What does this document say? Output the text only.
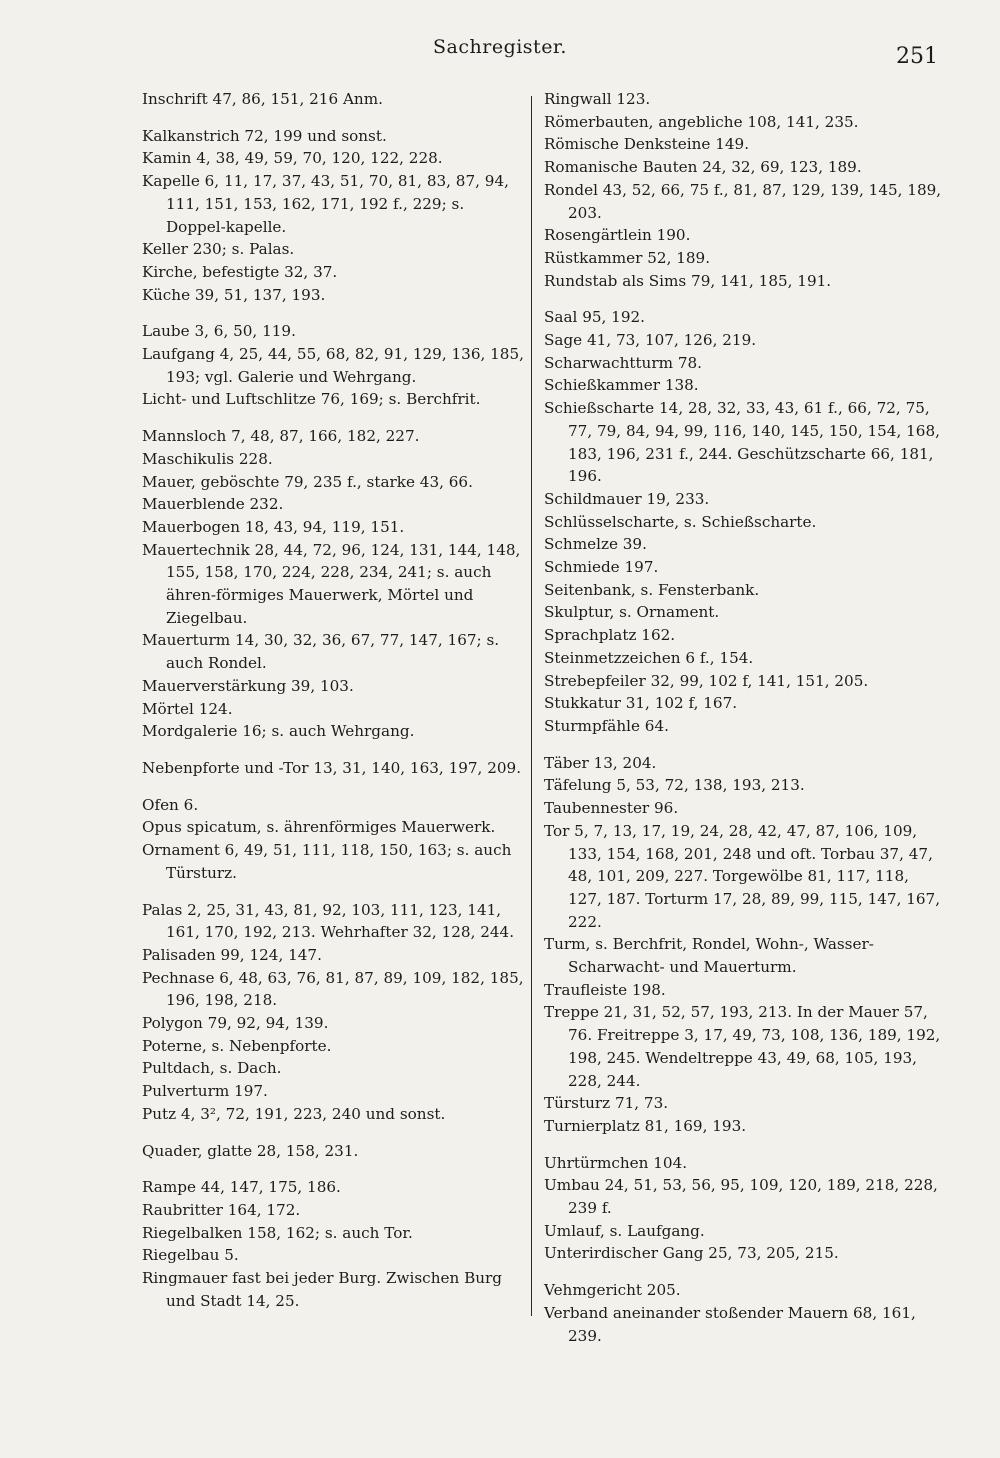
Sachregister.	251
Inschrift 47, 86, 151, 216 Anm.
Kalkanstrich 72, 199 und sonst.
Kamin 4, 38, 49, 59, 70, 120, 122, 228.
Kapelle 6, 11, 17, 37, 43, 51, 70, 81, 83, 87, 94, 111, 151, 153, 162, 171, 192 f., 229; s. Doppel-kapelle.
Keller 230; s. Palas.
Kirche, befestigte 32, 37.
Küche 39, 51, 137, 193.
Laube 3, 6, 50, 119.
Laufgang 4, 25, 44, 55, 68, 82, 91, 129, 136, 185, 193; vgl. Galerie und Wehrgang.
Licht- und Luftschlitze 76, 169; s. Berchfrit.
Mannsloch 7, 48, 87, 166, 182, 227.
Maschikulis 228.
Mauer, geböschte 79, 235 f., starke 43, 66.
Mauerblende 232.
Mauerbogen 18, 43, 94, 119, 151.
Mauertechnik 28, 44, 72, 96, 124, 131, 144, 148, 155, 158, 170, 224, 228, 234, 241; s. auch ähren-förmiges Mauerwerk, Mörtel und Ziegelbau.
Mauerturm 14, 30, 32, 36, 67, 77, 147, 167; s. auch Rondel.
Mauerverstärkung 39, 103.
Mörtel 124.
Mordgalerie 16; s. auch Wehrgang.
Nebenpforte und -Tor 13, 31, 140, 163, 197, 209.
Ofen 6.
Opus spicatum, s. ährenförmiges Mauerwerk.
Ornament 6, 49, 51, 111, 118, 150, 163; s. auch Türsturz.
Palas 2, 25, 31, 43, 81, 92, 103, 111, 123, 141, 161, 170, 192, 213. Wehrhafter 32, 128, 244.
Palisaden 99, 124, 147.
Pechnase 6, 48, 63, 76, 81, 87, 89, 109, 182, 185, 196, 198, 218.
Polygon 79, 92, 94, 139.
Poterne, s. Nebenpforte.
Pultdach, s. Dach.
Pulverturm 197.
Putz 4, 3², 72, 191, 223, 240 und sonst.
Quader, glatte 28, 158, 231.
Rampe 44, 147, 175, 186.
Raubritter 164, 172.
Riegelbalken 158, 162; s. auch Tor.
Riegelbau 5.
Ringmauer fast bei jeder Burg. Zwischen Burg und Stadt 14, 25.
Ringwall 123.
Römerbauten, angebliche 108, 141, 235.
Römische Denksteine 149.
Romanische Bauten 24, 32, 69, 123, 189.
Rondel 43, 52, 66, 75 f., 81, 87, 129, 139, 145, 189, 203.
Rosengärtlein 190.
Rüstkammer 52, 189.
Rundstab als Sims 79, 141, 185, 191.
Saal 95, 192.
Sage 41, 73, 107, 126, 219.
Scharwachtturm 78.
Schießkammer 138.
Schießscharte 14, 28, 32, 33, 43, 61 f., 66, 72, 75, 77, 79, 84, 94, 99, 116, 140, 145, 150, 154, 168, 183, 196, 231 f., 244. Geschützscharte 66, 181, 196.
Schildmauer 19, 233.
Schlüsselscharte, s. Schießscharte.
Schmelze 39.
Schmiede 197.
Seitenbank, s. Fensterbank.
Skulptur, s. Ornament.
Sprachplatz 162.
Steinmetzzeichen 6 f., 154.
Strebepfeiler 32, 99, 102 f, 141, 151, 205.
Stukkatur 31, 102 f, 167.
Sturmpfähle 64.
Täber 13, 204.
Täfelung 5, 53, 72, 138, 193, 213.
Taubennester 96.
Tor 5, 7, 13, 17, 19, 24, 28, 42, 47, 87, 106, 109, 133, 154, 168, 201, 248 und oft. Torbau 37, 47, 48, 101, 209, 227. Torgewölbe 81, 117, 118, 127, 187. Torturm 17, 28, 89, 99, 115, 147, 167, 222.
Turm, s. Berchfrit, Rondel, Wohn-, Wasser-Scharwacht- und Mauerturm.
Traufleiste 198.
Treppe 21, 31, 52, 57, 193, 213. In der Mauer 57, 76. Freitreppe 3, 17, 49, 73, 108, 136, 189, 192, 198, 245. Wendeltreppe 43, 49, 68, 105, 193, 228, 244.
Türsturz 71, 73.
Turnierplatz 81, 169, 193.
Uhrtürmchen 104.
Umbau 24, 51, 53, 56, 95, 109, 120, 189, 218, 228, 239 f.
Umlauf, s. Laufgang.
Unterirdischer Gang 25, 73, 205, 215.
Vehmgericht 205.
Verband aneinander stoßender Mauern 68, 161, 239.
